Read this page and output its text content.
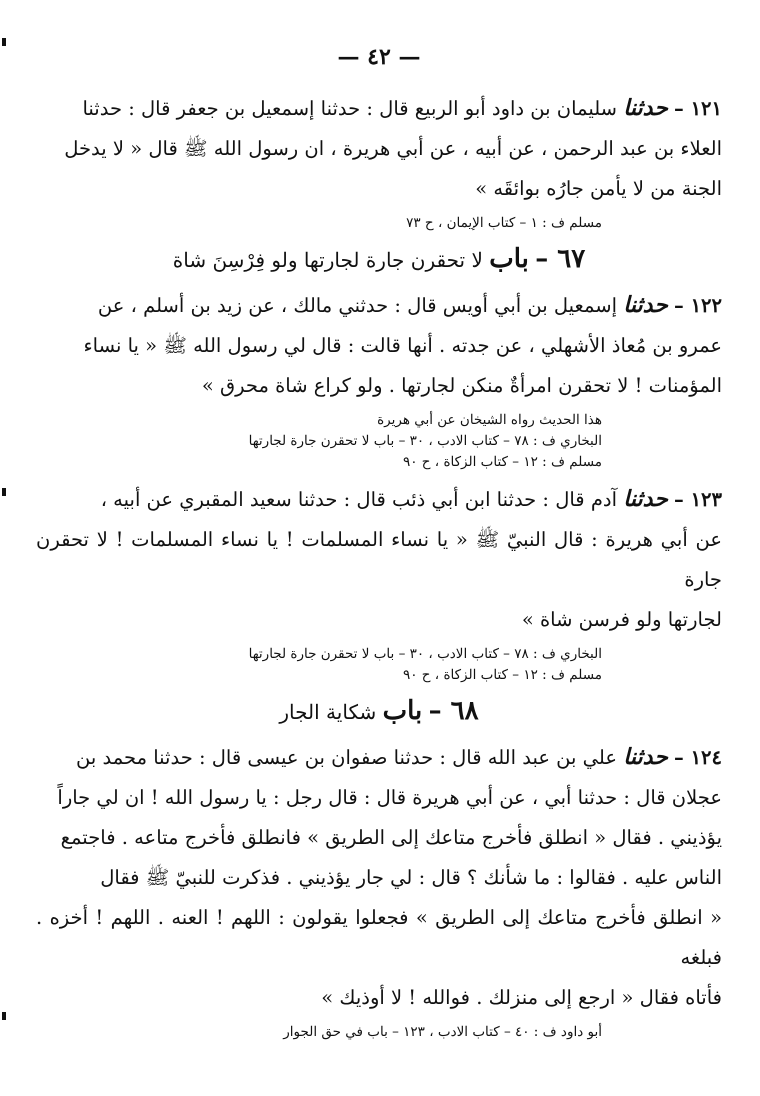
— ٤٢ —

١٢١ – حدثنا سليمان بن داود أبو الربيع قال : حدثنا إسمعيل بن جعفر قال : حدثنا

العلاء بن عبد الرحمن ، عن أبيه ، عن أبي هريرة ، ان رسول الله ﷺ قال « لا يدخل

الجنة من لا يأمن جارُه بوائقَه »

مسلم ف : ١ – كتاب الإيمان ، ح ٧٣
٦٧ – باب لا تحقرن جارة لجارتها ولو فِرْسِنَ شاة

١٢٢ – حدثنا إسمعيل بن أبي أويس قال : حدثني مالك ، عن زيد بن أسلم ، عن

عمرو بن مُعاذ الأشهلي ، عن جدته . أنها قالت : قال لي رسول الله ﷺ « يا نساء

المؤمنات ! لا تحقرن امرأةٌ منكن لجارتها . ولو كراع شاة محرق »

هذا الحديث رواه الشيخان عن أبي هريرة
البخاري ف : ٧٨ – كتاب الادب ، ٣٠ – باب لا تحقرن جارة لجارتها
مسلم ف : ١٢ – كتاب الزكاة ، ح ٩٠

١٢٣ – حدثنا آدم قال : حدثنا ابن أبي ذئب قال : حدثنا سعيد المقبري عن أبيه ،

عن أبي هريرة : قال النبيّ ﷺ « يا نساء المسلمات ! يا نساء المسلمات ! لا تحقرن جارة

لجارتها ولو فرسن شاة »

البخاري ف : ٧٨ – كتاب الادب ، ٣٠ – باب لا تحقرن جارة لجارتها
مسلم ف : ١٢ – كتاب الزكاة ، ح ٩٠
٦٨ – باب شكاية الجار

١٢٤ – حدثنا علي بن عبد الله قال : حدثنا صفوان بن عيسى قال : حدثنا محمد بن

عجلان قال : حدثنا أبي ، عن أبي هريرة قال : قال رجل : يا رسول الله ! ان لي جاراً

يؤذيني . فقال « انطلق فأخرج متاعك إلى الطريق » فانطلق فأخرج متاعه . فاجتمع

الناس عليه . فقالوا : ما شأنك ؟ قال : لي جار يؤذيني . فذكرت للنبيّ ﷺ فقال

« انطلق فأخرج متاعك إلى الطريق » فجعلوا يقولون : اللهم ! العنه . اللهم ! أخزه . فبلغه

فأتاه فقال « ارجع إلى منزلك . فوالله ! لا أوذيك »

أبو داود ف : ٤٠ – كتاب الادب ، ١٢٣ – باب في حق الجوار
